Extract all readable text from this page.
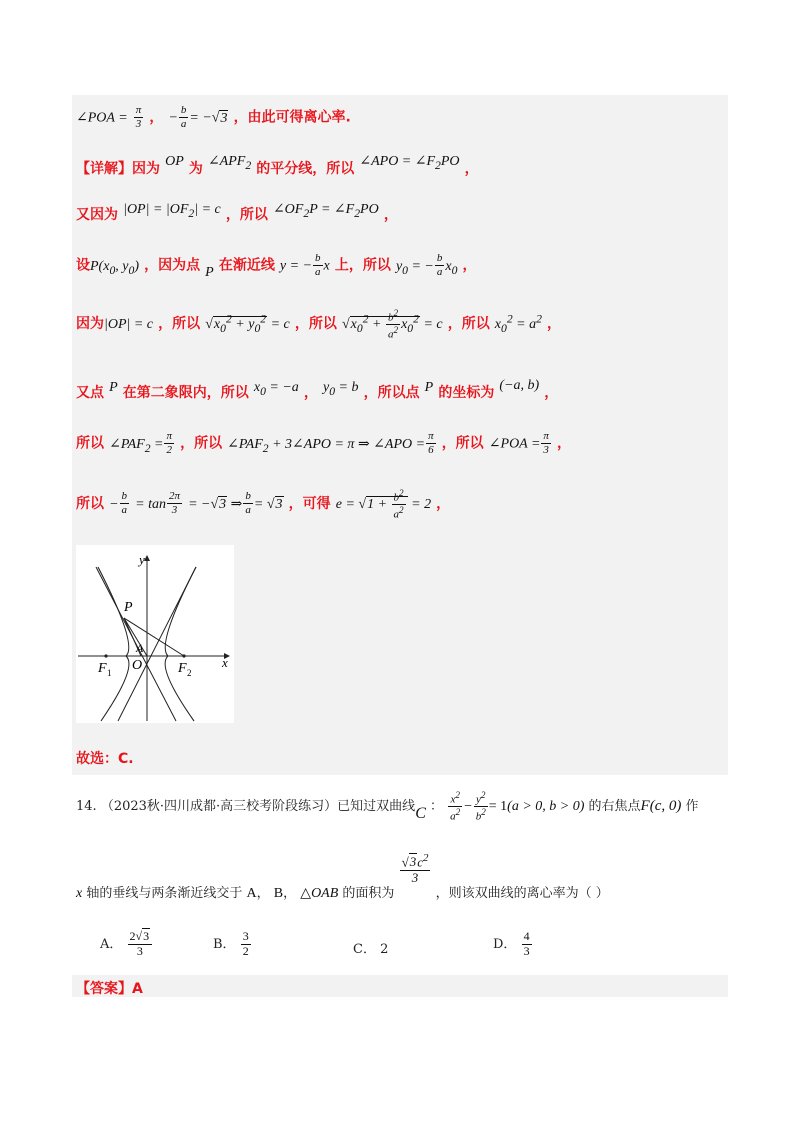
∠POA = $\frac{\pi}{3}$ ， − $\frac{b}{a} = -√3$ ，由此可得离心率.
【详解】因为 OP 为 $\angle APF_2$ 的平分线，所以 ∠APO = $\angle F_2PO$ ，
又因为 $|OP| = |OF_2| = c$ ，所以 $\angle OF_2P$ = $\angle F_2PO$ ，
设$P(x_0$, $y_0$) ，因为点 P 在渐近线 y = − $\frac{b}{a}$ x 上，所以 $y_0$ = − $\frac{b}{a} x_0$ ，
因为|OP| = c ，所以 $√x_0^2 + y_0^2 = c$ ，所以 $√x_0^2 + \frac{b^2}{a^2} x_0^2 = c$ ，所以 $x_0^2 = a^2$ ，
又点 P 在第二象限内，所以 $x_0 = -a$ ， $y_0 = b$ ，所以点 P 的坐标为 (−a, b) ，
所以 $\angle PAF_2 = \frac{\pi}{2}$ ，所以 $\angle PAF_2$ + 3∠APO = π ⇒ ∠APO = $\frac{\pi}{6}$ ，所以 ∠POA = $\frac{\pi}{3}$ ，
所以 − $\frac{b}{a} = \tan \frac{2\pi}{3} = -√3$ ⇒ $\frac{b}{a} = √3$ ，可得 $e = √1 + \frac{b^2}{a^2} = 2$ ，
y
x
P
A
O
F 1	F 2
故选：C.
14. （2023秋·四川成都·高三校考阶段练习）已知过双曲线C ： $\frac{x^2}{a^2} - \frac{y^2}{b^2} = 1(a > 0$, b > 0) 的右焦点F(c, 0) 作
x 轴的垂线与两条渐近线交于 A， B， △OAB 的面积为
$\frac{√3c^2}{3}$
，则该双曲线的离心率为（ ）
A． $\frac{2√3}{3}$	B． $\frac{3}{2}$	C． 2	D． $\frac{4}{3}$
【答案】A
